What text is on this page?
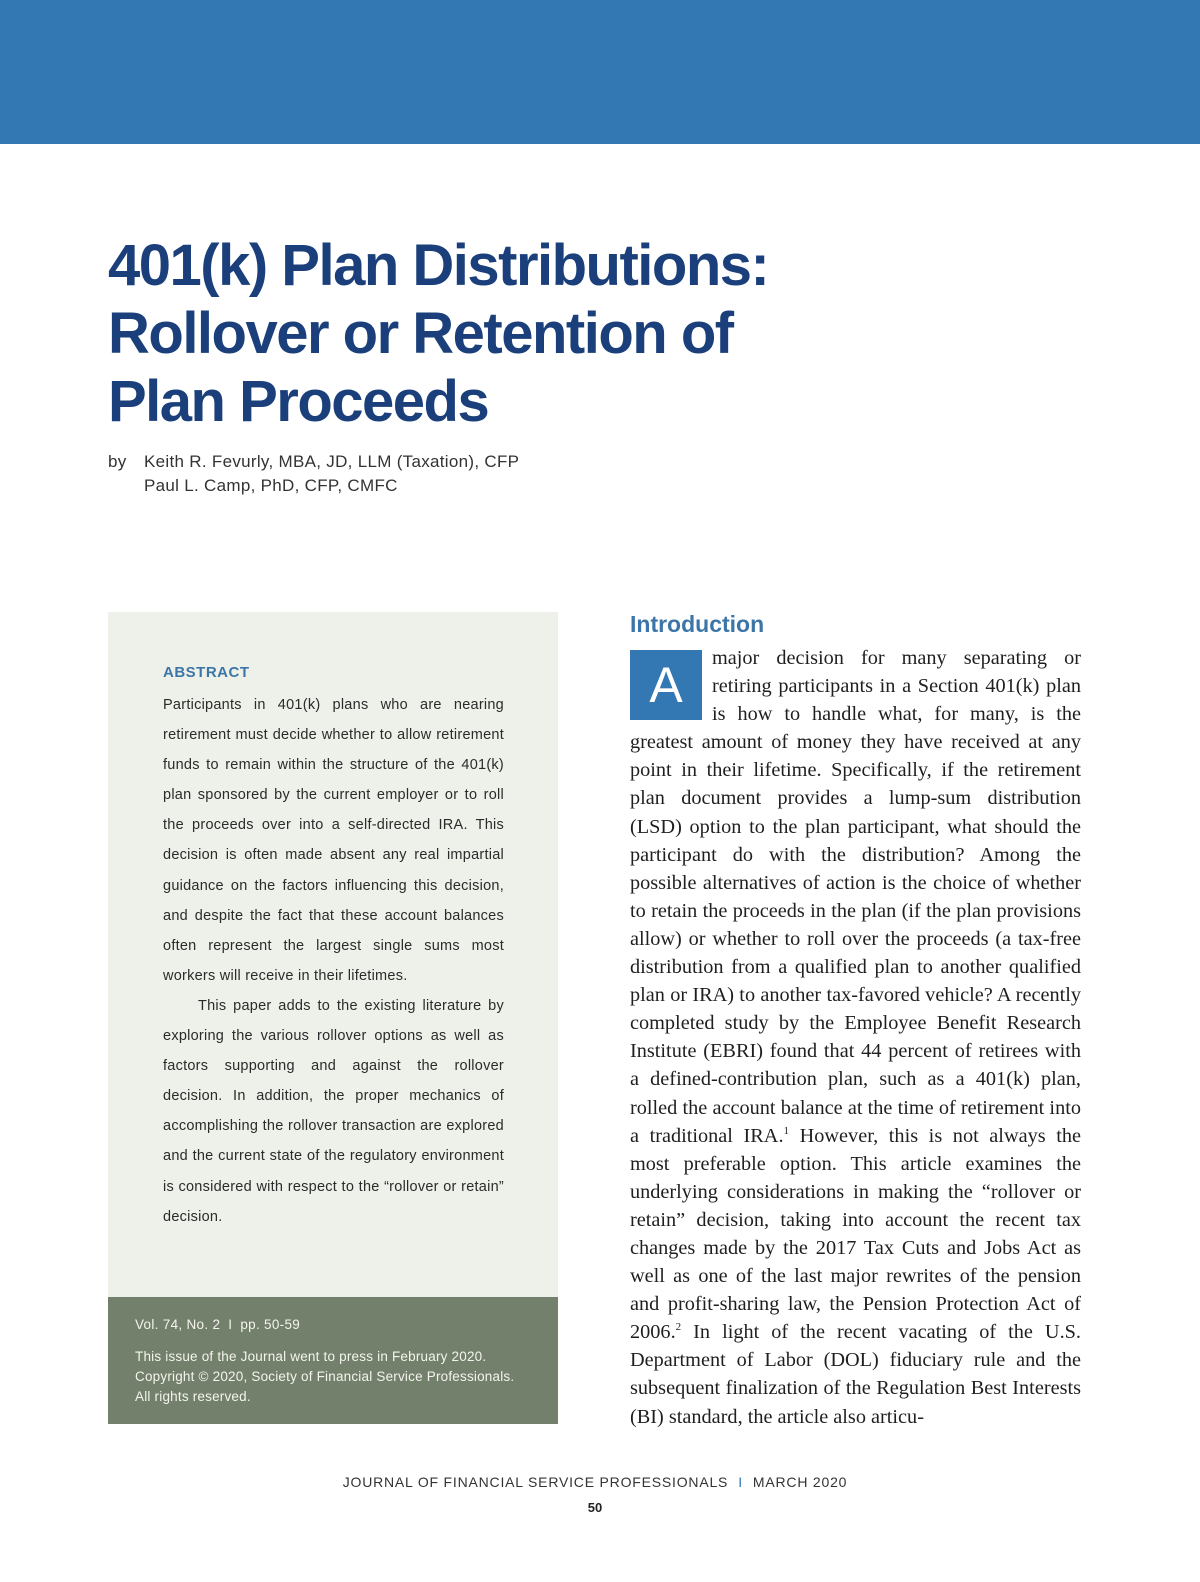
401(k) Plan Distributions:
Rollover or Retention of
Plan Proceeds
by Keith R. Fevurly, MBA, JD, LLM (Taxation), CFP
Paul L. Camp, PhD, CFP, CMFC
ABSTRACT

Participants in 401(k) plans who are nearing retirement must decide whether to allow retirement funds to remain within the structure of the 401(k) plan sponsored by the current employer or to roll the proceeds over into a self-directed IRA. This decision is often made absent any real impartial guidance on the factors influencing this decision, and despite the fact that these account balances often represent the largest single sums most workers will receive in their lifetimes.

This paper adds to the existing literature by exploring the various rollover options as well as factors supporting and against the rollover decision. In addition, the proper mechanics of accomplishing the rollover transaction are explored and the current state of the regulatory environment is considered with respect to the “rollover or retain” decision.

Vol. 74, No. 2 I pp. 50-59
This issue of the Journal went to press in February 2020.
Copyright © 2020, Society of Financial Service Professionals.
All rights reserved.
Introduction

A	major decision for many separating or retiring participants in a Section 401(k) plan is how to handle what, for many, is the greatest amount of money they have received at any point in their lifetime. Specifically, if the retirement plan document provides a lump-sum distribution (LSD) option to the plan participant, what should the participant do with the distribution? Among the possible alternatives of action is the choice of whether to retain the proceeds in the plan (if the plan provisions allow) or whether to roll over the proceeds (a tax-free distribution from a qualified plan to another qualified plan or IRA) to another tax-favored vehicle? A recently completed study by the Employee Benefit Research Institute (EBRI) found that 44 percent of retirees with a defined-contribution plan, such as a 401(k) plan, rolled the account balance at the time of retirement into a traditional IRA.$^1$ However, this is not always the most preferable option. This article examines the underlying considerations in making the “rollover or retain” decision, taking into account the recent tax changes made by the 2017 Tax Cuts and Jobs Act as well as one of the last major rewrites of the pension and profit-sharing law, the Pension Protection Act of 2006.$^2$ In light of the recent vacating of the U.S. Department of Labor (DOL) fiduciary rule and the subsequent finalization of the Regulation Best Interests (BI) standard, the article also articu-

JOURNAL OF FINANCIAL SERVICE PROFESSIONALS I MARCH 2020
50
